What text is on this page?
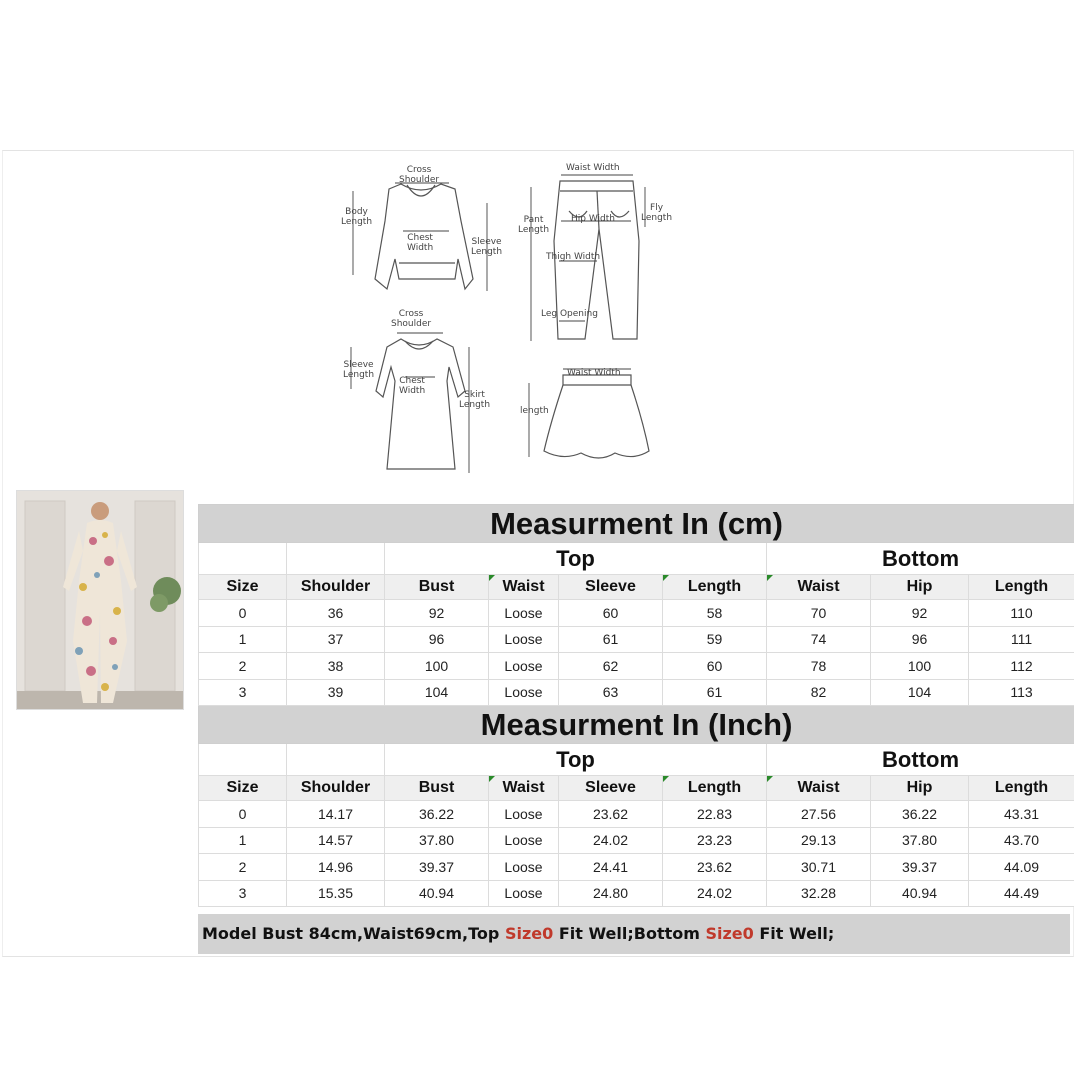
Cross
Shoulder
Body
Length
Chest
Width
Sleeve
Length
Waist Width
Pant
Length
Hip Width
Fly
Length
Thigh Width
Leg Opening
Cross
Shoulder
Sleeve
Length
Chest
Width	Skirt
Length
Waist Width
length
Measurment In (cm)								
		Top				Bottom		
Size	Shoulder	Bust	Waist	Sleeve	Length	Waist	Hip	Length
0	36	92	Loose	60	58	70	92	110
1	37	96	Loose	61	59	74	96	111
2	38	100	Loose	62	60	78	100	112
3	39	104	Loose	63	61	82	104	113
Measurment In (Inch)								
		Top				Bottom		
Size	Shoulder	Bust	Waist	Sleeve	Length	Waist	Hip	Length
0	14.17	36.22	Loose	23.62	22.83	27.56	36.22	43.31
1	14.57	37.80	Loose	24.02	23.23	29.13	37.80	43.70
2	14.96	39.37	Loose	24.41	23.62	30.71	39.37	44.09
3	15.35	40.94	Loose	24.80	24.02	32.28	40.94	44.49
Model Bust 84cm,Waist69cm,Top Size0 Fit Well;Bottom Size0 Fit Well;
